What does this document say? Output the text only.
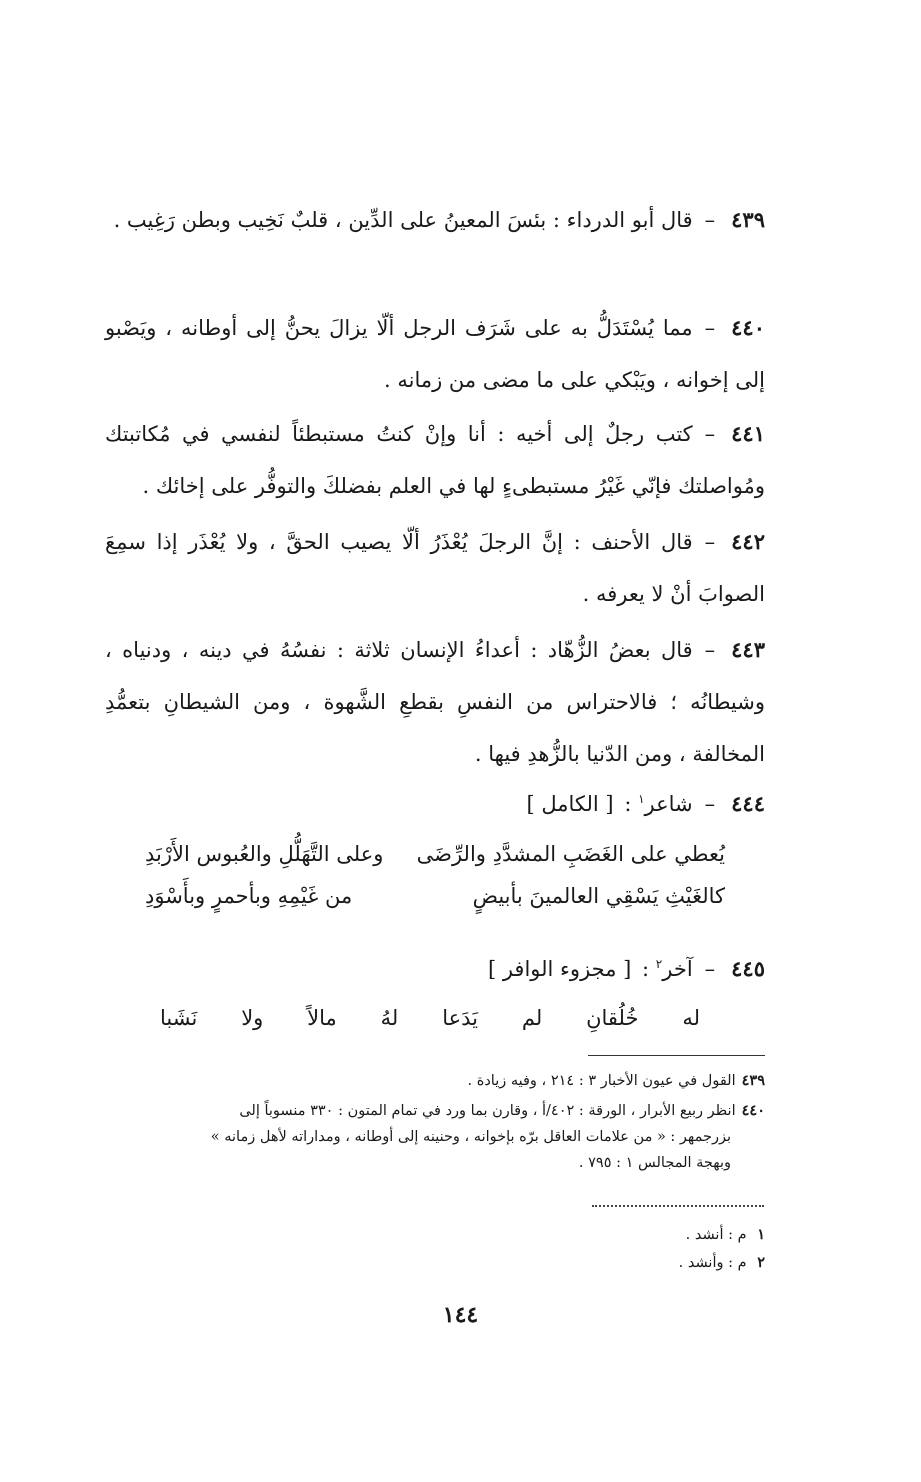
٤٣٩–قال أبو الدرداء : بئسَ المعينُ على الدِّين ، قلبٌ نَخِيب وبطن رَغِيب .
٤٤٠–مما يُسْتَدَلُّ به على شَرَف الرجل ألّا يزالَ يحنُّ إلى أوطانه ، ويَصْبو إلى إخوانه ، ويَبْكي على ما مضى من زمانه .
٤٤١–كتب رجلٌ إلى أخيه : أنا وإنْ كنتُ مستبطئاً لنفسي في مُكاتبتك ومُواصلتك فإنّي غَيْرُ مستبطىءٍ لها في العلم بفضلكَ والتوفُّر على إخائك .
٤٤٢–قال الأحنف : إنَّ الرجلَ يُعْذَرُ ألّا يصيب الحقَّ ، ولا يُعْذَر إذا سمِعَ الصوابَ أنْ لا يعرفه .
٤٤٣–قال بعضُ الزُّهّاد : أعداءُ الإنسان ثلاثة : نفسُهُ في دينه ، ودنياه ، وشيطانُه ؛ فالاحتراس من النفسِ بقطعِ الشَّهوة ، ومن الشيطانِ بتعمُّدِ المخالفة ، ومن الدّنيا بالزُّهدِ فيها .
٤٤٤–شاعر$^١$ : [ الكامل ]
يُعطي على الغَضَبِ المشدَّدِ والرِّضَى
وعلى التَّهَلُّلِ والعُبوس الأَرْبَدِ
كالغَيْثِ يَسْقِي العالمينَ بأبيضٍ
من غَيْمِهِ وبأحمرٍ وبأَسْوَدِ
٤٤٥–آخر$^٢$ : [ مجزوء الوافر ]
له
خُلُقانِ
لم
يَدَعا
لهُ
مالاً
ولا
نَشَبا
٤٣٩القول في عيون الأخبار ٣ : ٢١٤ ، وفيه زيادة .
٤٤٠انظر ربيع الأبرار ، الورقة : ٤٠٢/أ ، وقارن بما ورد في تمام المتون : ٣٣٠ منسوباً إلى
بزرجمهر : « من علامات العاقل برّه بإخوانه ، وحنينه إلى أوطانه ، ومداراته لأهل زمانه »
وبهجة المجالس ١ : ٧٩٥ .
١ م : أنشد .
٢ م : وأنشد .
١٤٤
